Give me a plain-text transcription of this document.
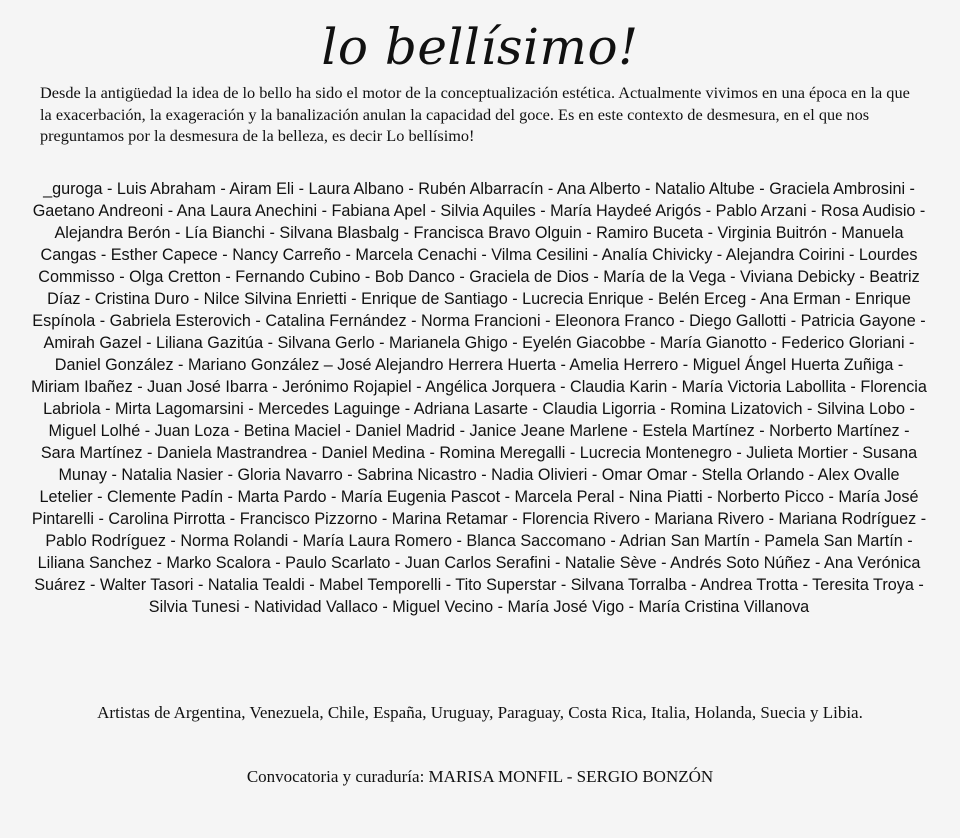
lo bellísimo!

Desde la antigüedad la idea de lo bello ha sido el motor de la conceptualización estética. Actualmente vivimos en una época en la que la exacerbación, la exageración y la banalización anulan la capacidad del goce. Es en este contexto de desmesura, en el que nos preguntamos por la desmesura de la belleza, es decir Lo bellísimo!

_guroga - Luis Abraham - Airam Eli - Laura Albano - Rubén Albarracín - Ana Alberto - Natalio Altube - Graciela Ambrosini - Gaetano Andreoni - Ana Laura Anechini - Fabiana Apel - Silvia Aquiles - María Haydeé Arigós - Pablo Arzani - Rosa Audisio - Alejandra Berón - Lía Bianchi - Silvana Blasbalg - Francisca Bravo Olguin - Ramiro Buceta - Virginia Buitrón - Manuela Cangas - Esther Capece - Nancy Carreño - Marcela Cenachi - Vilma Cesilini - Analía Chivicky - Alejandra Coirini - Lourdes Commisso - Olga Cretton - Fernando Cubino - Bob Danco - Graciela de Dios - María de la Vega - Viviana Debicky - Beatriz Díaz - Cristina Duro - Nilce Silvina Enrietti - Enrique de Santiago - Lucrecia Enrique - Belén Erceg - Ana Erman - Enrique Espínola - Gabriela Esterovich - Catalina Fernández - Norma Francioni - Eleonora Franco - Diego Gallotti - Patricia Gayone - Amirah Gazel - Liliana Gazitúa - Silvana Gerlo - Marianela Ghigo - Eyelén Giacobbe - María Gianotto - Federico Gloriani - Daniel González - Mariano González – José Alejandro Herrera Huerta - Amelia Herrero - Miguel Ángel Huerta Zuñiga - Miriam Ibañez - Juan José Ibarra - Jerónimo Rojapiel - Angélica Jorquera - Claudia Karin - María Victoria Labollita - Florencia Labriola - Mirta Lagomarsini - Mercedes Laguinge - Adriana Lasarte - Claudia Ligorria - Romina Lizatovich - Silvina Lobo - Miguel Lolhé - Juan Loza - Betina Maciel - Daniel Madrid - Janice Jeane Marlene - Estela Martínez - Norberto Martínez - Sara Martínez - Daniela Mastrandrea - Daniel Medina - Romina Meregalli - Lucrecia Montenegro - Julieta Mortier - Susana Munay - Natalia Nasier - Gloria Navarro - Sabrina Nicastro - Nadia Olivieri - Omar Omar - Stella Orlando - Alex Ovalle Letelier - Clemente Padín - Marta Pardo - María Eugenia Pascot - Marcela Peral - Nina Piatti - Norberto Picco - María José Pintarelli - Carolina Pirrotta - Francisco Pizzorno - Marina Retamar - Florencia Rivero - Mariana Rivero - Mariana Rodríguez - Pablo Rodríguez - Norma Rolandi - María Laura Romero - Blanca Saccomano - Adrian San Martín - Pamela San Martín - Liliana Sanchez - Marko Scalora - Paulo Scarlato - Juan Carlos Serafini - Natalie Sève - Andrés Soto Núñez - Ana Verónica Suárez - Walter Tasori - Natalia Tealdi - Mabel Temporelli - Tito Superstar - Silvana Torralba - Andrea Trotta - Teresita Troya - Silvia Tunesi - Natividad Vallaco - Miguel Vecino - María José Vigo - María Cristina Villanova

Artistas de Argentina, Venezuela, Chile, España, Uruguay, Paraguay, Costa Rica, Italia, Holanda, Suecia y Libia.

Convocatoria y curaduría: MARISA MONFIL - SERGIO BONZÓN
